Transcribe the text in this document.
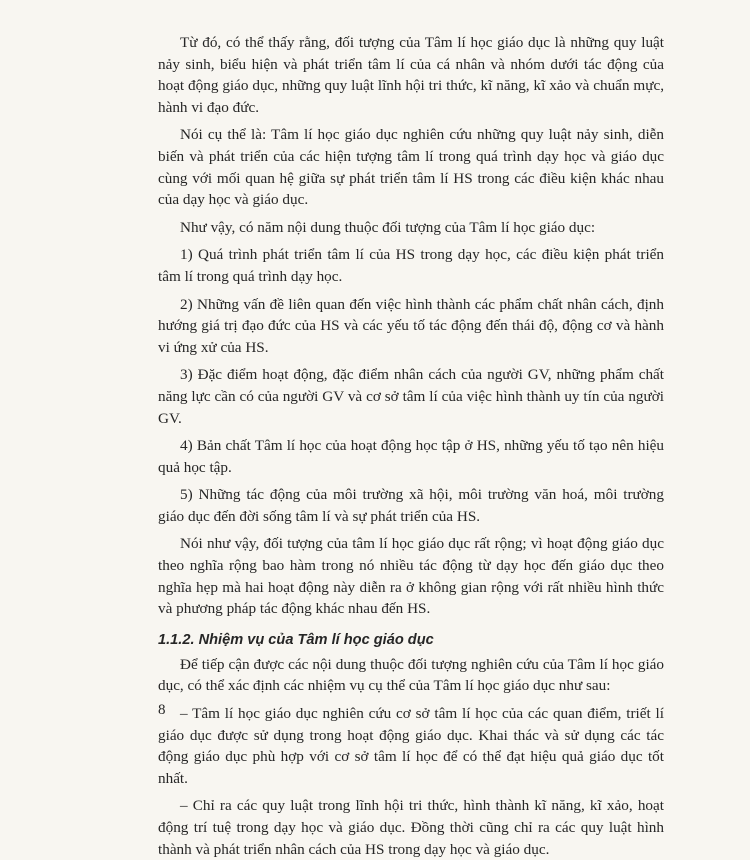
Từ đó, có thể thấy rằng, đối tượng của Tâm lí học giáo dục là những quy luật nảy sinh, biểu hiện và phát triển tâm lí của cá nhân và nhóm dưới tác động của hoạt động giáo dục, những quy luật lĩnh hội tri thức, kĩ năng, kĩ xảo và chuẩn mực, hành vi đạo đức.

Nói cụ thể là: Tâm lí học giáo dục nghiên cứu những quy luật nảy sinh, diễn biến và phát triển của các hiện tượng tâm lí trong quá trình dạy học và giáo dục cùng với mối quan hệ giữa sự phát triển tâm lí HS trong các điều kiện khác nhau của dạy học và giáo dục.

Như vậy, có năm nội dung thuộc đối tượng của Tâm lí học giáo dục:

1) Quá trình phát triển tâm lí của HS trong dạy học, các điều kiện phát triển tâm lí trong quá trình dạy học.

2) Những vấn đề liên quan đến việc hình thành các phẩm chất nhân cách, định hướng giá trị đạo đức của HS và các yếu tố tác động đến thái độ, động cơ và hành vi ứng xử của HS.

3) Đặc điểm hoạt động, đặc điểm nhân cách của người GV, những phẩm chất năng lực cần có của người GV và cơ sở tâm lí của việc hình thành uy tín của người GV.

4) Bản chất Tâm lí học của hoạt động học tập ở HS, những yếu tố tạo nên hiệu quả học tập.

5) Những tác động của môi trường xã hội, môi trường văn hoá, môi trường giáo dục đến đời sống tâm lí và sự phát triển của HS.

Nói như vậy, đối tượng của tâm lí học giáo dục rất rộng; vì hoạt động giáo dục theo nghĩa rộng bao hàm trong nó nhiều tác động từ dạy học đến giáo dục theo nghĩa hẹp mà hai hoạt động này diễn ra ở không gian rộng với rất nhiều hình thức và phương pháp tác động khác nhau đến HS.

1.1.2. Nhiệm vụ của Tâm lí học giáo dục

Để tiếp cận được các nội dung thuộc đối tượng nghiên cứu của Tâm lí học giáo dục, có thể xác định các nhiệm vụ cụ thể của Tâm lí học giáo dục như sau:

– Tâm lí học giáo dục nghiên cứu cơ sở tâm lí học của các quan điểm, triết lí giáo dục được sử dụng trong hoạt động giáo dục. Khai thác và sử dụng các tác động giáo dục phù hợp với cơ sở tâm lí học để có thể đạt hiệu quả giáo dục tốt nhất.

– Chỉ ra các quy luật trong lĩnh hội tri thức, hình thành kĩ năng, kĩ xảo, hoạt động trí tuệ trong dạy học và giáo dục. Đồng thời cũng chỉ ra các quy luật hình thành và phát triển nhân cách của HS trong dạy học và giáo dục.

8
